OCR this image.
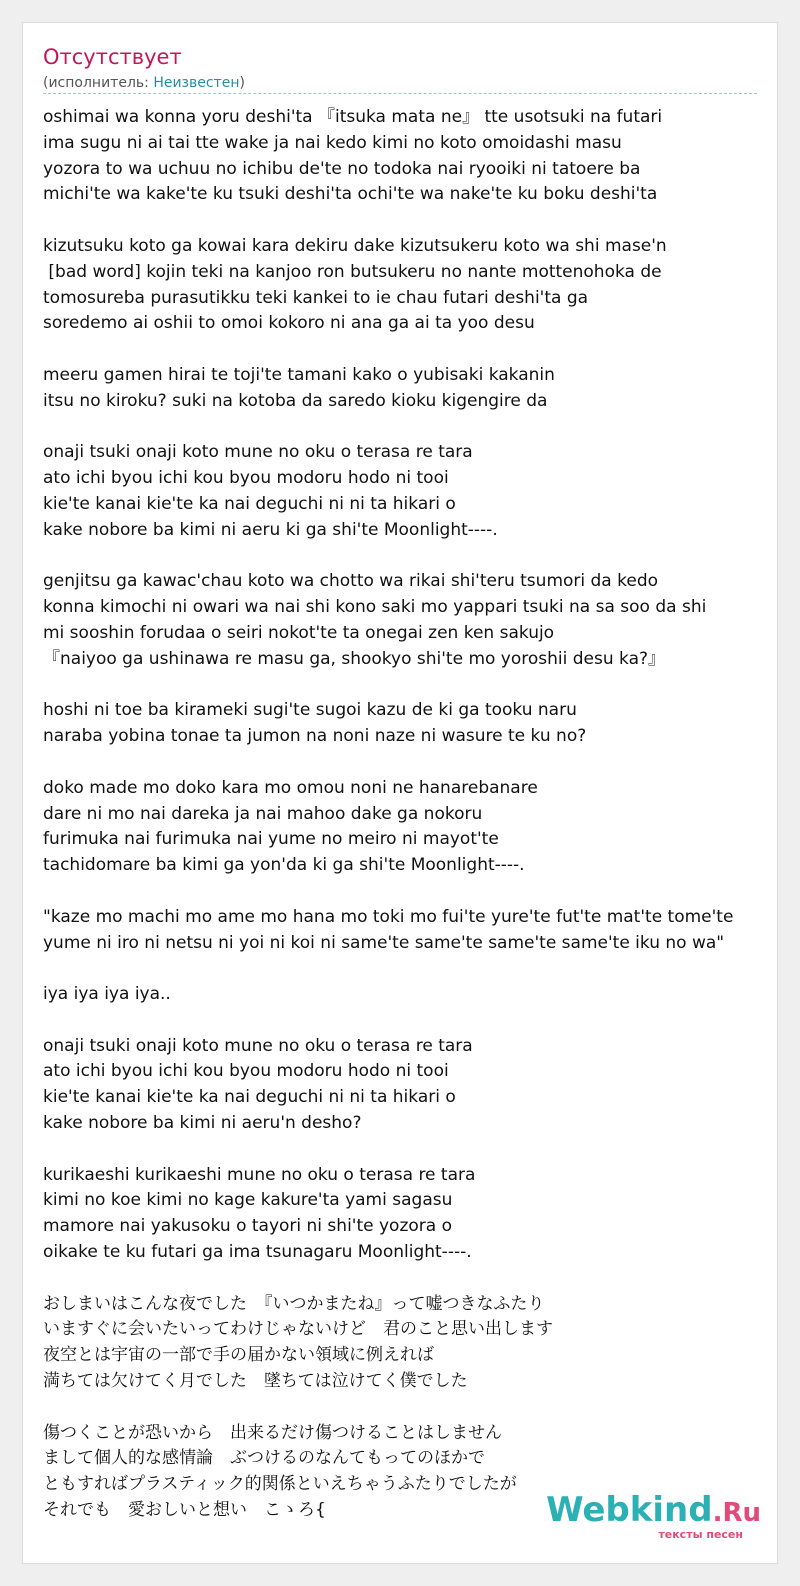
Отсутствует
(исполнитель: Неизвестен)
oshimai wa konna yoru deshi'ta 『itsuka mata ne』 tte usotsuki na futari
ima sugu ni ai tai tte wake ja nai kedo kimi no koto omoidashi masu
yozora to wa uchuu no ichibu de'te no todoka nai ryooiki ni tatoere ba
michi'te wa kake'te ku tsuki deshi'ta ochi'te wa nake'te ku boku deshi'ta

kizutsuku koto ga kowai kara dekiru dake kizutsukeru koto wa shi mase'n
[bad word] kojin teki na kanjoo ron butsukeru no nante mottenohoka de
tomosureba purasutikku teki kankei to ie chau futari deshi'ta ga
soredemo ai oshii to omoi kokoro ni ana ga ai ta yoo desu

meeru gamen hirai te toji'te tamani kako o yubisaki kakanin
itsu no kiroku? suki na kotoba da saredo kioku kigengire da

onaji tsuki onaji koto mune no oku o terasa re tara
ato ichi byou ichi kou byou modoru hodo ni tooi
kie'te kanai kie'te ka nai deguchi ni ni ta hikari o
kake nobore ba kimi ni aeru ki ga shi'te Moonlight----.

genjitsu ga kawac'chau koto wa chotto wa rikai shi'teru tsumori da kedo
konna kimochi ni owari wa nai shi kono saki mo yappari tsuki na sa soo da shi
mi sooshin forudaa o seiri nokot'te ta onegai zen ken sakujo
『naiyoo ga ushinawa re masu ga, shookyo shi'te mo yoroshii desu ka?』

hoshi ni toe ba kirameki sugi'te sugoi kazu de ki ga tooku naru
naraba yobina tonae ta jumon na noni naze ni wasure te ku no?

doko made mo doko kara mo omou noni ne hanarebanare
dare ni mo nai dareka ja nai mahoo dake ga nokoru
furimuka nai furimuka nai yume no meiro ni mayot'te
tachidomare ba kimi ga yon'da ki ga shi'te Moonlight----.

"kaze mo machi mo ame mo hana mo toki mo fui'te yure'te fut'te mat'te tome'te
yume ni iro ni netsu ni yoi ni koi ni same'te same'te same'te same'te iku no wa"

iya iya iya iya..

onaji tsuki onaji koto mune no oku o terasa re tara
ato ichi byou ichi kou byou modoru hodo ni tooi
kie'te kanai kie'te ka nai deguchi ni ni ta hikari o
kake nobore ba kimi ni aeru'n desho?

kurikaeshi kurikaeshi mune no oku o terasa re tara
kimi no koe kimi no kage kakure'ta yami sagasu
mamore nai yakusoku o tayori ni shi'te yozora o
oikake te ku futari ga ima tsunagaru Moonlight----.

おしまいはこんな夜でした　『いつかまたね』って嘘つきなふたり
いますぐに会いたいってわけじゃないけど　君のこと思い出します
夜空とは宇宙の一部で手の届かない領域に例えれば
満ちては欠けてく月でした　墜ちては泣けてく僕でした

傷つくことが恐いから　出来るだけ傷つけることはしません
まして個人的な感情論　ぶつけるのなんてもってのほかで
ともすればプラスティック的関係といえちゃうふたりでしたが
それでも　愛おしいと想い　こゝろ{	Webkind.Ru
тексты песен
